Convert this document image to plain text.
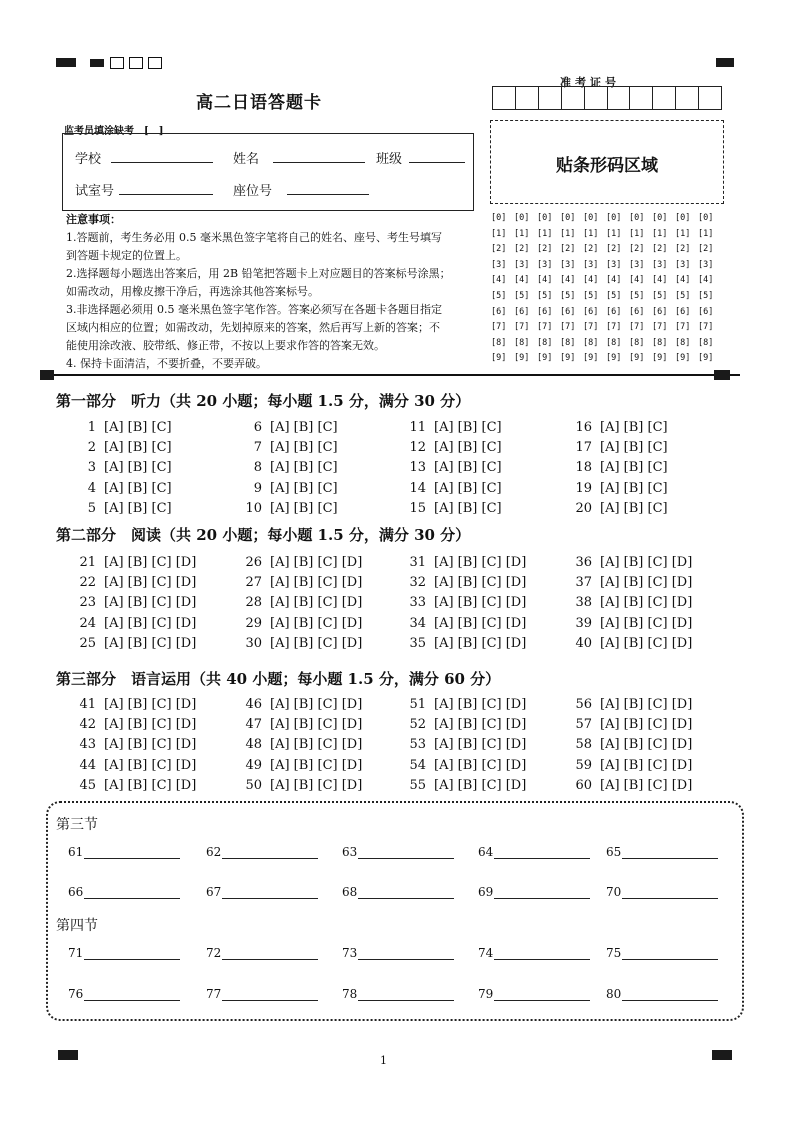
高二日语答题卡
监考员填涂缺考　[　]
学校	姓名	班级
试室号	座位号
注意事项：
1.答题前，考生务必用 0.5 毫米黑色签字笔将自己的姓名、座号、考生号填写
到答题卡规定的位置上。
2.选择题每小题选出答案后，用 2B 铅笔把答题卡上对应题目的答案标号涂黑；
如需改动，用橡皮擦干净后，再选涂其他答案标号。
3.非选择题必须用 0.5 毫米黑色签字笔作答。答案必须写在各题卡各题目指定
区域内相应的位置；如需改动，先划掉原来的答案，然后再写上新的答案；不
能使用涂改液、胶带纸、修正带，不按以上要求作答的答案无效。
4. 保持卡面清洁，不要折叠，不要弄破。
准考证号
贴条形码区域
[0] [0] [0] [0] [0] [0] [0] [0] [0] [0]
[1] [1] [1] [1] [1] [1] [1] [1] [1] [1]
[2] [2] [2] [2] [2] [2] [2] [2] [2] [2]
[3] [3] [3] [3] [3] [3] [3] [3] [3] [3]
[4] [4] [4] [4] [4] [4] [4] [4] [4] [4]
[5] [5] [5] [5] [5] [5] [5] [5] [5] [5]
[6] [6] [6] [6] [6] [6] [6] [6] [6] [6]
[7] [7] [7] [7] [7] [7] [7] [7] [7] [7]
[8] [8] [8] [8] [8] [8] [8] [8] [8] [8]
[9] [9] [9] [9] [9] [9] [9] [9] [9] [9]
第一部分　听力（共 20 小题；每小题 1.5 分，满分 30 分）
第二部分　阅读（共 20 小题；每小题 1.5 分，满分 30 分）
第三部分　语言运用（共 40 小题；每小题 1.5 分，满分 60 分）
1 [A] [B] [C]
2 [A] [B] [C]
3 [A] [B] [C]
4 [A] [B] [C]
5 [A] [B] [C]
6 [A] [B] [C]
7 [A] [B] [C]
8 [A] [B] [C]
9 [A] [B] [C]
10 [A] [B] [C]
11 [A] [B] [C]
12 [A] [B] [C]
13 [A] [B] [C]
14 [A] [B] [C]
15 [A] [B] [C]
16 [A] [B] [C]
17 [A] [B] [C]
18 [A] [B] [C]
19 [A] [B] [C]
20 [A] [B] [C]
21 [A] [B] [C] [D]
22 [A] [B] [C] [D]
23 [A] [B] [C] [D]
24 [A] [B] [C] [D]
25 [A] [B] [C] [D]
26 [A] [B] [C] [D]
27 [A] [B] [C] [D]
28 [A] [B] [C] [D]
29 [A] [B] [C] [D]
30 [A] [B] [C] [D]
31 [A] [B] [C] [D]
32 [A] [B] [C] [D]
33 [A] [B] [C] [D]
34 [A] [B] [C] [D]
35 [A] [B] [C] [D]
36 [A] [B] [C] [D]
37 [A] [B] [C] [D]
38 [A] [B] [C] [D]
39 [A] [B] [C] [D]
40 [A] [B] [C] [D]
41 [A] [B] [C] [D]
42 [A] [B] [C] [D]
43 [A] [B] [C] [D]
44 [A] [B] [C] [D]
45 [A] [B] [C] [D]
46 [A] [B] [C] [D]
47 [A] [B] [C] [D]
48 [A] [B] [C] [D]
49 [A] [B] [C] [D]
50 [A] [B] [C] [D]
51 [A] [B] [C] [D]
52 [A] [B] [C] [D]
53 [A] [B] [C] [D]
54 [A] [B] [C] [D]
55 [A] [B] [C] [D]
56 [A] [B] [C] [D]
57 [A] [B] [C] [D]
58 [A] [B] [C] [D]
59 [A] [B] [C] [D]
60 [A] [B] [C] [D]
第三节
第四节
61	62	63	64	65
66	67	68	69	70
71	72	73	74	75
76	77	78	79	80
1
